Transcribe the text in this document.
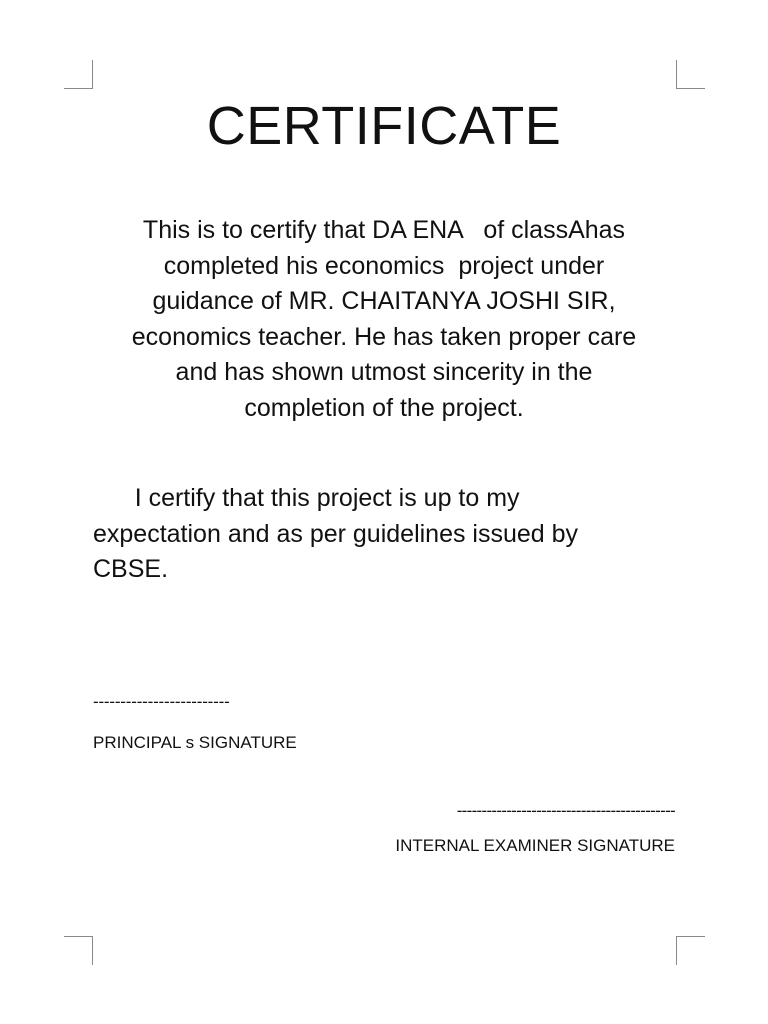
CERTIFICATE
This is to certify that DA ENA   of classAhas
completed his economics  project under
guidance of MR. CHAITANYA JOSHI SIR,
economics teacher. He has taken proper care
and has shown utmost sincerity in the
completion of the project.
I certify that this project is up to my
expectation and as per guidelines issued by
CBSE.
-------------------------
PRINCIPAL s SIGNATURE
--------------------------------------------
INTERNAL EXAMINER SIGNATURE
